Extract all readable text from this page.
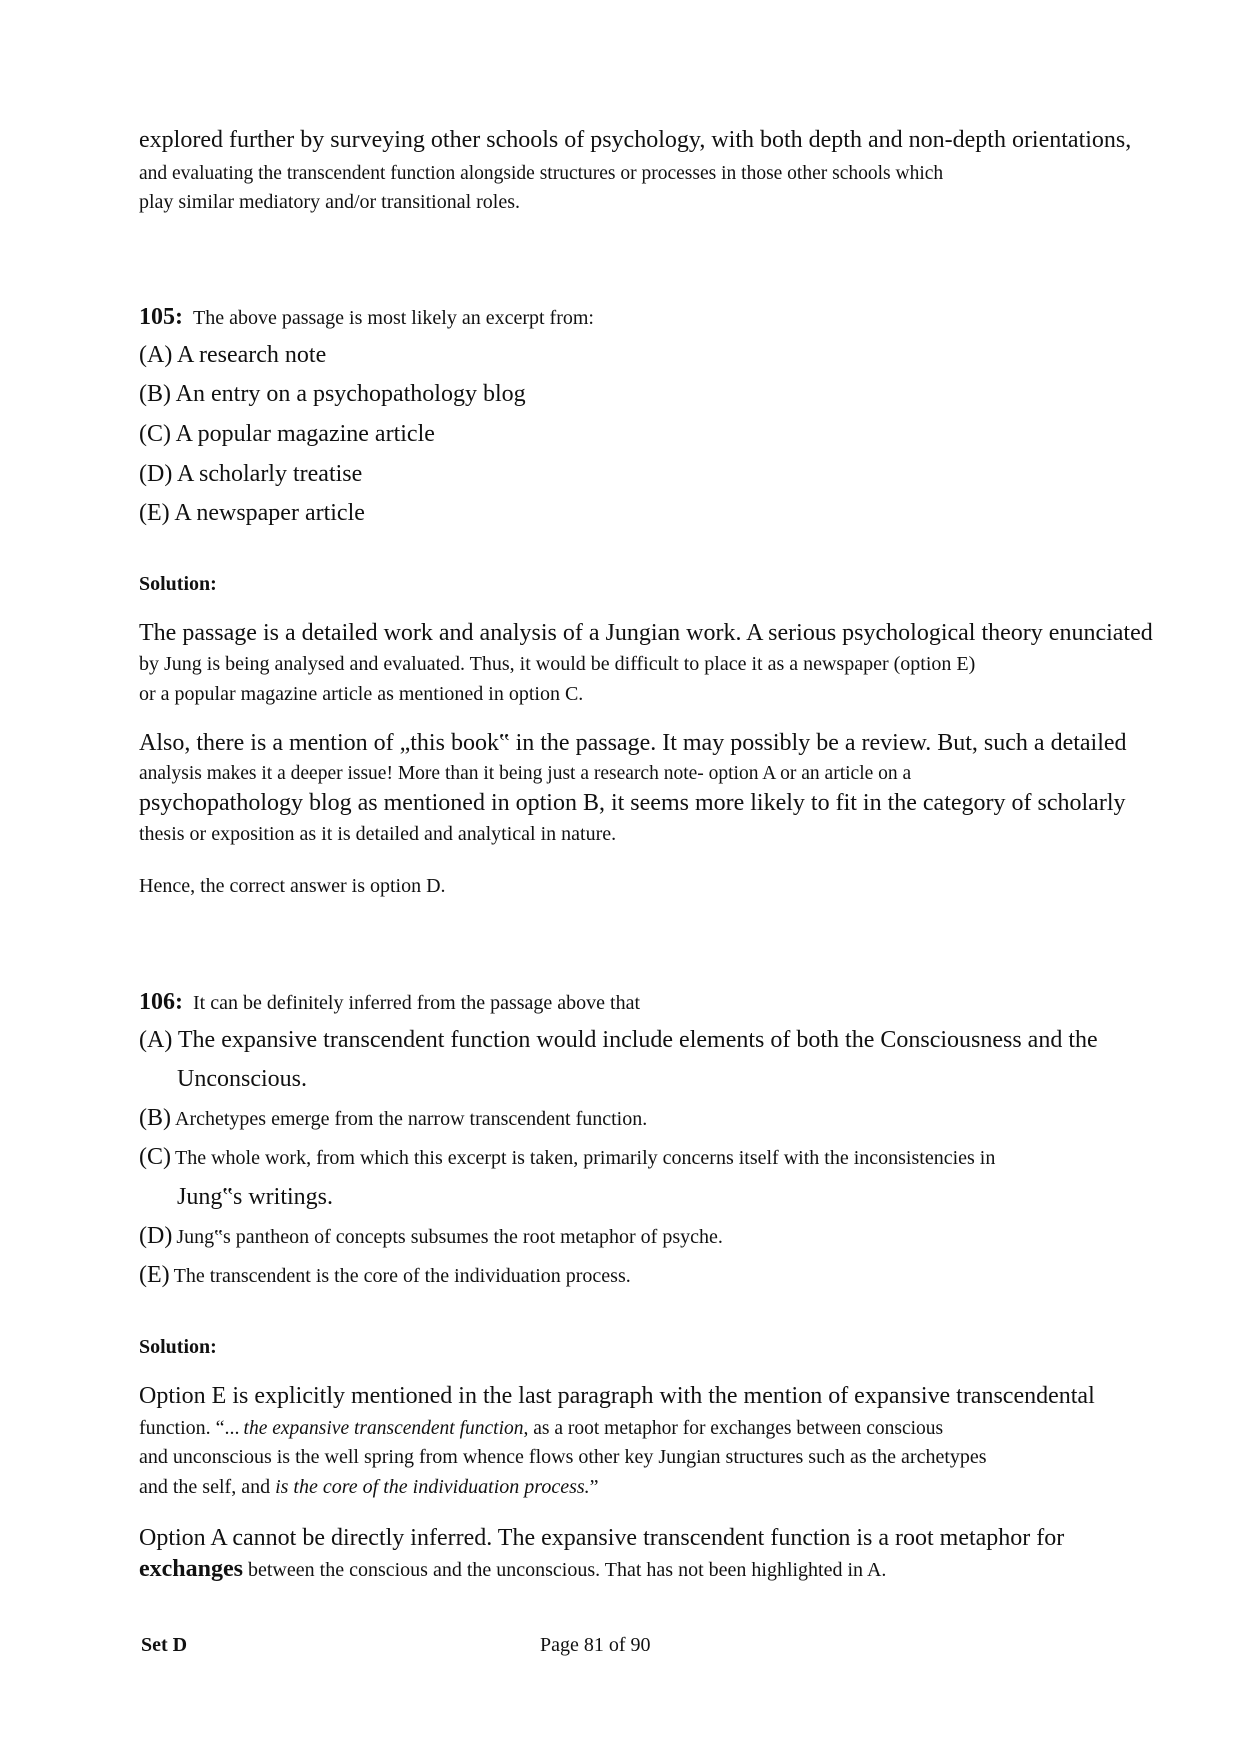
explored further by surveying other schools of psychology, with both depth and non-depth orientations,
and evaluating the transcendent function alongside structures or processes in those other schools which
play similar mediatory and/or transitional roles.
105: The above passage is most likely an excerpt from:
(A) A research note
(B) An entry on a psychopathology blog
(C) A popular magazine article
(D) A scholarly treatise
(E) A newspaper article
Solution:
The passage is a detailed work and analysis of a Jungian work. A serious psychological theory enunciated
by Jung is being analysed and evaluated. Thus, it would be difficult to place it as a newspaper (option E)
or a popular magazine article as mentioned in option C.
Also, there is a mention of „this book‟ in the passage. It may possibly be a review. But, such a detailed
analysis makes it a deeper issue! More than it being just a research note- option A or an article on a
psychopathology blog as mentioned in option B, it seems more likely to fit in the category of scholarly
thesis or exposition as it is detailed and analytical in nature.
Hence, the correct answer is option D.
106: It can be definitely inferred from the passage above that
(A) The expansive transcendent function would include elements of both the Consciousness and the
Unconscious.
(B) Archetypes emerge from the narrow transcendent function.
(C) The whole work, from which this excerpt is taken, primarily concerns itself with the inconsistencies in
Jung‟s writings.
(D) Jung‟s pantheon of concepts subsumes the root metaphor of psyche.
(E) The transcendent is the core of the individuation process.
Solution:
Option E is explicitly mentioned in the last paragraph with the mention of expansive transcendental
function. “... the expansive transcendent function, as a root metaphor for exchanges between conscious
and unconscious is the well spring from whence flows other key Jungian structures such as the archetypes
and the self, and is the core of the individuation process.”
Option A cannot be directly inferred. The expansive transcendent function is a root metaphor for
exchanges between the conscious and the unconscious. That has not been highlighted in A.
Set D	Page 81 of 90
